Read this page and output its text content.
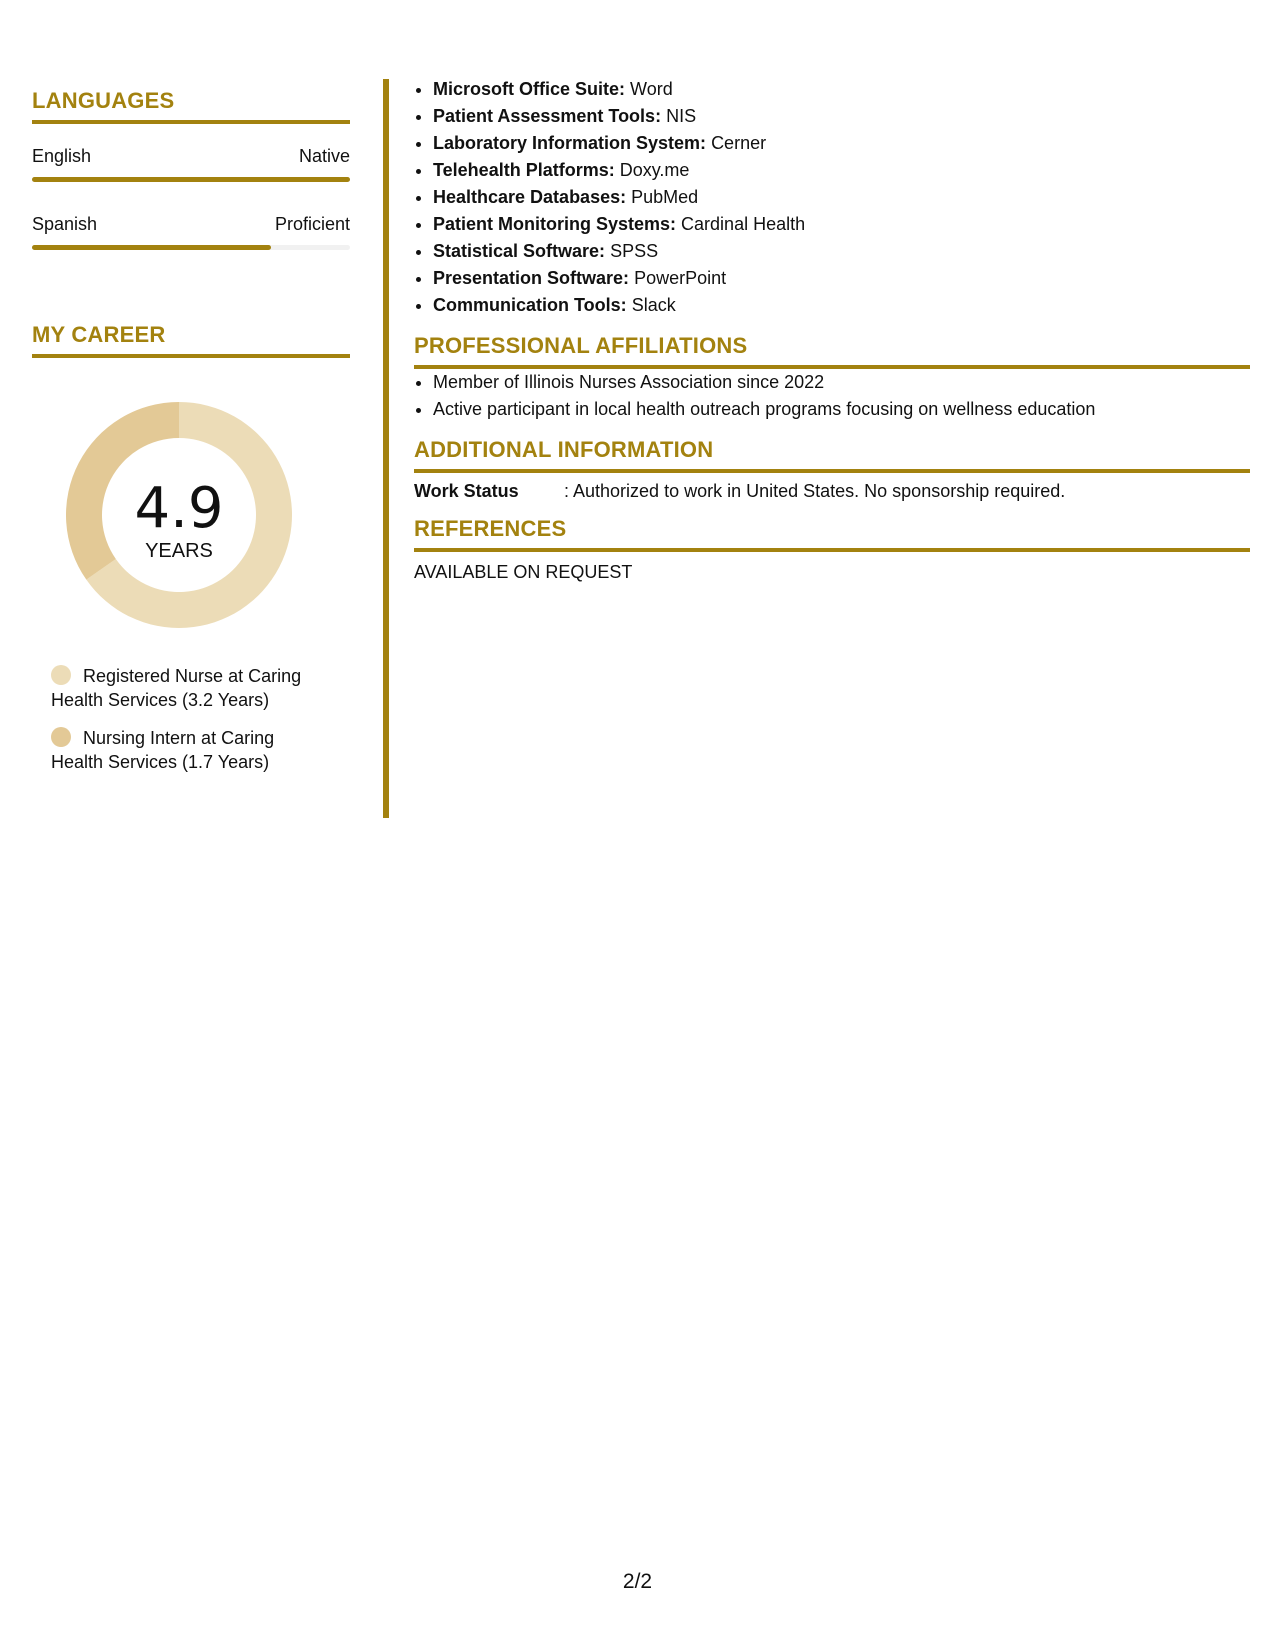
LANGUAGES
English	Native
Spanish	Proficient
MY CAREER
4.9
YEARS
Registered Nurse at Caring Health Services (3.2 Years)
Nursing Intern at Caring Health Services (1.7 Years)
• Microsoft Office Suite: Word
• Patient Assessment Tools: NIS
• Laboratory Information System: Cerner
• Telehealth Platforms: Doxy.me
• Healthcare Databases: PubMed
• Patient Monitoring Systems: Cardinal Health
• Statistical Software: SPSS
• Presentation Software: PowerPoint
• Communication Tools: Slack
PROFESSIONAL AFFILIATIONS
• Member of Illinois Nurses Association since 2022
• Active participant in local health outreach programs focusing on wellness education
ADDITIONAL INFORMATION
Work Status	: Authorized to work in United States. No sponsorship required.
REFERENCES
AVAILABLE ON REQUEST
2/2
